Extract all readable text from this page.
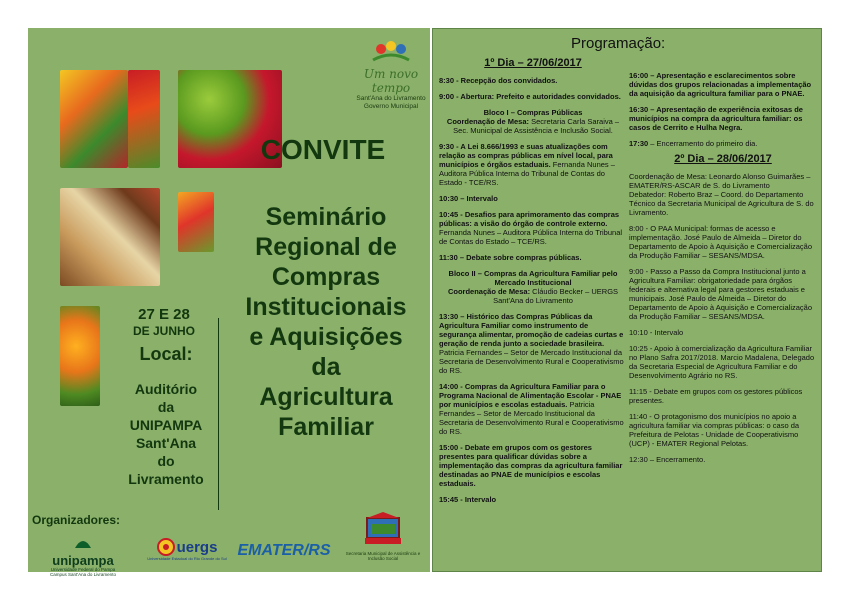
Um novo tempo
Sant'Ana do Livramento
Governo Municipal
CONVITE
Seminário
Regional de
Compras
Institucionais
e Aquisições
da
Agricultura
Familiar
27 E 28
DE JUNHO
Local:
Auditório
da
UNIPAMPA
Sant'Ana
do
Livramento
Organizadores:
unipampa
Universidade Federal do Pampa
Campus Sant'Ana do Livramento
uergs
Universidade Estadual do Rio Grande do Sul EMATER/RS	Secretaria Municipal de Assistência e Inclusão Social
Programação:

1º Dia – 27/06/2017

8:30 - Recepção dos convidados.

9:00 - Abertura: Prefeito e autoridades convidados.

Bloco I – Compras Públicas
Coordenação de Mesa: Secretaria Carla Saraiva – Sec. Municipal de Assistência e Inclusão Social.

9:30 - A Lei 8.666/1993 e suas atualizações com relação as compras públicas em nível local, para municípios e órgãos estaduais. Fernanda Nunes – Auditora Pública Interna do Tribunal de Contas do Estado - TCE/RS.

10:30 – Intervalo

10:45 - Desafios para aprimoramento das compras públicas: a visão do órgão de controle externo. Fernanda Nunes – Auditora Pública Interna do Tribunal de Contas do Estado – TCE/RS.

11:30 – Debate sobre compras públicas.

Bloco II – Compras da Agricultura Familiar pelo Mercado Institucional
Coordenação de Mesa: Cláudio Becker – UERGS Sant'Ana do Livramento

13:30 – Histórico das Compras Públicas da Agricultura Familiar como instrumento de segurança alimentar, promoção de cadeias curtas e geração de renda junto a sociedade brasileira. Patricia Fernandes – Setor de Mercado Institucional da Secretaria de Desenvolvimento Rural e Cooperativismo do RS.

14:00 - Compras da Agricultura Familiar para o Programa Nacional de Alimentação Escolar - PNAE por municípios e escolas estaduais. Patricia Fernandes – Setor de Mercado Institucional da Secretaria de Desenvolvimento Rural e Cooperativismo do RS.

15:00 - Debate em grupos com os gestores presentes para qualificar dúvidas sobre a implementação das compras da agricultura familiar destinadas ao PNAE de municípios e escolas estaduais.

15:45 - Intervalo

16:00 – Apresentação e esclarecimentos sobre dúvidas dos grupos relacionadas a implementação da aquisição da agricultura familiar para o PNAE.

16:30 – Apresentação de experiência exitosas de municípios na compra da agricultura familiar: os casos de Cerrito e Hulha Negra.

17:30 – Encerramento do primeiro dia.

2º Dia – 28/06/2017

Coordenação de Mesa: Leonardo Alonso Guimarães – EMATER/RS-ASCAR de S. do Livramento
Debatedor: Roberto Braz – Coord. do Departamento Técnico da Secretaria Municipal de Agricultura de S. do Livramento.

8:00 - O PAA Municipal: formas de acesso e implementação. José Paulo de Almeida – Diretor do Departamento de Apoio à Aquisição e Comercialização da Produção Familiar – SESANS/MDSA.

9:00 - Passo a Passo da Compra Institucional junto a Agricultura Familiar: obrigatoriedade para órgãos federais e alternativa legal para gestores estaduais e municipais. José Paulo de Almeida – Diretor do Departamento de Apoio à Aquisição e Comercialização da Produção Familiar – SESANS/MDSA.

10:10 - Intervalo

10:25 - Apoio à comercialização da Agricultura Familiar no Plano Safra 2017/2018. Marcio Madalena, Delegado da Secretaria Especial de Agricultura Familiar e do Desenvolvimento Agrário no RS.

11:15 - Debate em grupos com os gestores públicos presentes.

11:40 - O protagonismo dos municípios no apoio a agricultura familiar via compras públicas: o caso da Prefeitura de Pelotas - Unidade de Cooperativismo (UCP) - EMATER Regional Pelotas.

12:30 – Encerramento.
